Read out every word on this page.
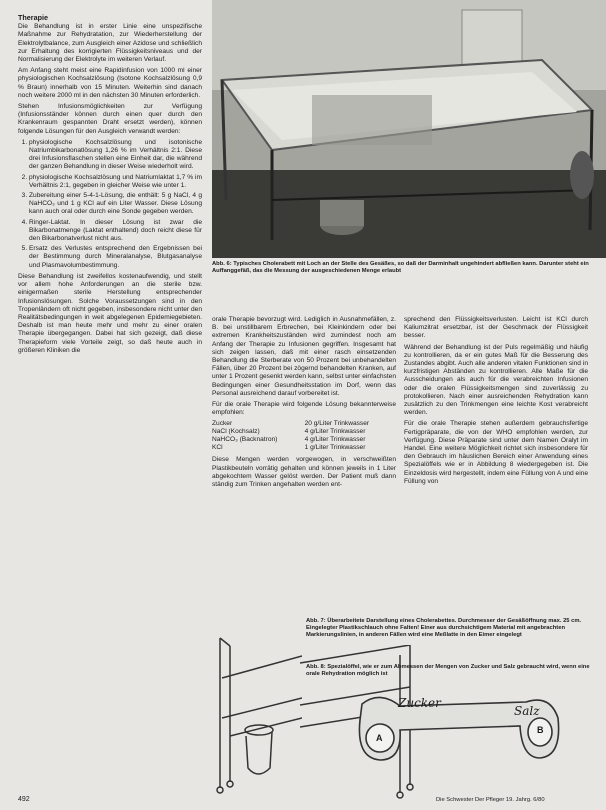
Therapie

Die Behandlung ist in erster Linie eine unspezifische Maßnahme zur Rehydratation, zur Wiederherstellung der Elektrolytbalance, zum Ausgleich einer Azidose und schließlich zur Erhaltung des korrigierten Flüssigkeitsniveaus und der Normalisierung der Elektrolyte im weiteren Verlauf.

Am Anfang steht meist eine Rapidinfusion von 1000 ml einer physiologischen Kochsalzlösung (Isotone Kochsalzlösung 0,9 % Braun) innerhalb von 15 Minuten. Weiterhin sind danach noch weitere 2000 ml in den nächsten 30 Minuten erforderlich.

Stehen Infusionsmöglichkeiten zur Verfügung (Infusionsständer können durch einen quer durch den Krankenraum gespannten Draht ersetzt werden), können folgende Lösungen für den Ausgleich verwandt werden:

1. physiologische Kochsalzlösung und isotonische Natriumbikarbonatlösung 1,26 % im Verhältnis 2:1. Diese drei Infusionsflaschen stellen eine Einheit dar, die während der ganzen Behandlung in dieser Weise wiederholt wird.
2. physiologische Kochsalzlösung und Natriumlaktat 1,7 % im Verhältnis 2:1, gegeben in gleicher Weise wie unter 1.
3. Zubereitung einer 5-4-1-Lösung, die enthält: 5 g NaCl, 4 g NaHCO₃ und 1 g KCl auf ein Liter Wasser. Diese Lösung kann auch oral oder durch eine Sonde gegeben werden.
4. Ringer-Laktat. In dieser Lösung ist zwar die Bikarbonatmenge (Laktat enthaltend) doch reicht diese für den Bikarbonatverlust nicht aus.
5. Ersatz des Verlustes entsprechend den Ergebnissen bei der Bestimmung durch Mineralanalyse, Blutgasanalyse und Plasmavolumbestimmung.

Diese Behandlung ist zweifellos kostenaufwendig, und stellt vor allem hohe Anforderungen an die sterile bzw. einigermaßen sterile Herstellung entsprechender Infusionslösungen. Solche Voraussetzungen sind in den Tropenländern oft nicht gegeben, insbesondere nicht unter den Realitätsbedingungen in weit abgelegenen Epidemiegebieten. Deshalb ist man heute mehr und mehr zu einer oralen Therapie übergegangen. Dabei hat sich gezeigt, daß diese Therapieform viele Vorteile zeigt, so daß heute auch in größeren Kliniken die

Abb. 6: Typisches Cholerabett mit Loch an der Stelle des Gesäßes, so daß der Darminhalt ungehindert abfließen kann. Darunter steht ein Auffanggefäß, das die Messung der ausgeschiedenen Menge erlaubt

orale Therapie bevorzugt wird. Lediglich in Ausnahmefällen, z. B. bei unstillbarem Erbrechen, bei Kleinkindern oder bei extremen Krankheitszuständen wird zumindest noch am Anfang der Therapie zu Infusionen gegriffen. Insgesamt hat sich zeigen lassen, daß mit einer rasch einsetzenden Behandlung die Sterberate von 50 Prozent bei unbehandelten Fällen, über 20 Prozent bei zögernd behandelten Kranken, auf unter 1 Prozent gesenkt werden kann, selbst unter einfachsten Bedingungen einer Gesundheitsstation im Dorf, wenn das Personal ausreichend darauf vorbereitet ist.

Für die orale Therapie wird folgende Lösung bekannterweise empfohlen:

Zucker	20 g/Liter Trinkwasser
NaCl (Kochsalz)	4 g/Liter Trinkwasser
NaHCO₃ (Backnatron)	4 g/Liter Trinkwasser
KCl	1 g/Liter Trinkwasser

Diese Mengen werden vorgewogen, in verschweißten Plastikbeuteln vorrätig gehalten und können jeweils in 1 Liter abgekochtem Wasser gelöst werden. Der Patient muß dann ständig zum Trinken angehalten werden ent-

sprechend den Flüssigkeitsverlusten. Leicht ist KCl durch Kaliumzitrat ersetzbar, ist der Geschmack der Flüssigkeit besser.

Während der Behandlung ist der Puls regelmäßig und häufig zu kontrollieren, da er ein gutes Maß für die Besserung des Zustandes abgibt. Auch alle anderen vitalen Funktionen sind in kurzfristigen Abständen zu kontrollieren. Alle Maße für die Ausscheidungen als auch für die verabreichten Infusionen oder die oralen Flüssigkeitsmengen sind zuverlässig zu protokollieren. Nach einer ausreichenden Rehydration kann zusätzlich zu den Trinkmengen eine leichte Kost verabreicht werden.

Für die orale Therapie stehen außerdem gebrauchsfertige Fertigpräparate, die von der WHO empfohlen werden, zur Verfügung. Diese Präparate sind unter dem Namen Oralyt im Handel. Eine weitere Möglichkeit richtet sich insbesondere für den Gebrauch im häuslichen Bereich einer Anwendung eines Spezialöffels wie er in Abbildung 8 wiedergegeben ist. Die Einzeldosis wird hergestellt, indem eine Füllung von A und eine Füllung von

Abb. 7: Überarbeitete Darstellung eines Cholerabettes. Durchmesser der Gesäßöffnung max. 25 cm. Eingelegter Plastikschlauch ohne Falten! Einer aus durchsichtigem Material mit angebrachten Markierungslinien, in anderen Fällen wird eine Meßlatte in den Eimer eingelegt
Abb. 8: Spezialöffel, wie er zum Abmessen der Mengen von Zucker und Salz gebraucht wird, wenn eine orale Rehydration möglich ist
Zucker
Salz
A
B
492	Die Schwester Der Pfleger 19. Jahrg. 6/80
